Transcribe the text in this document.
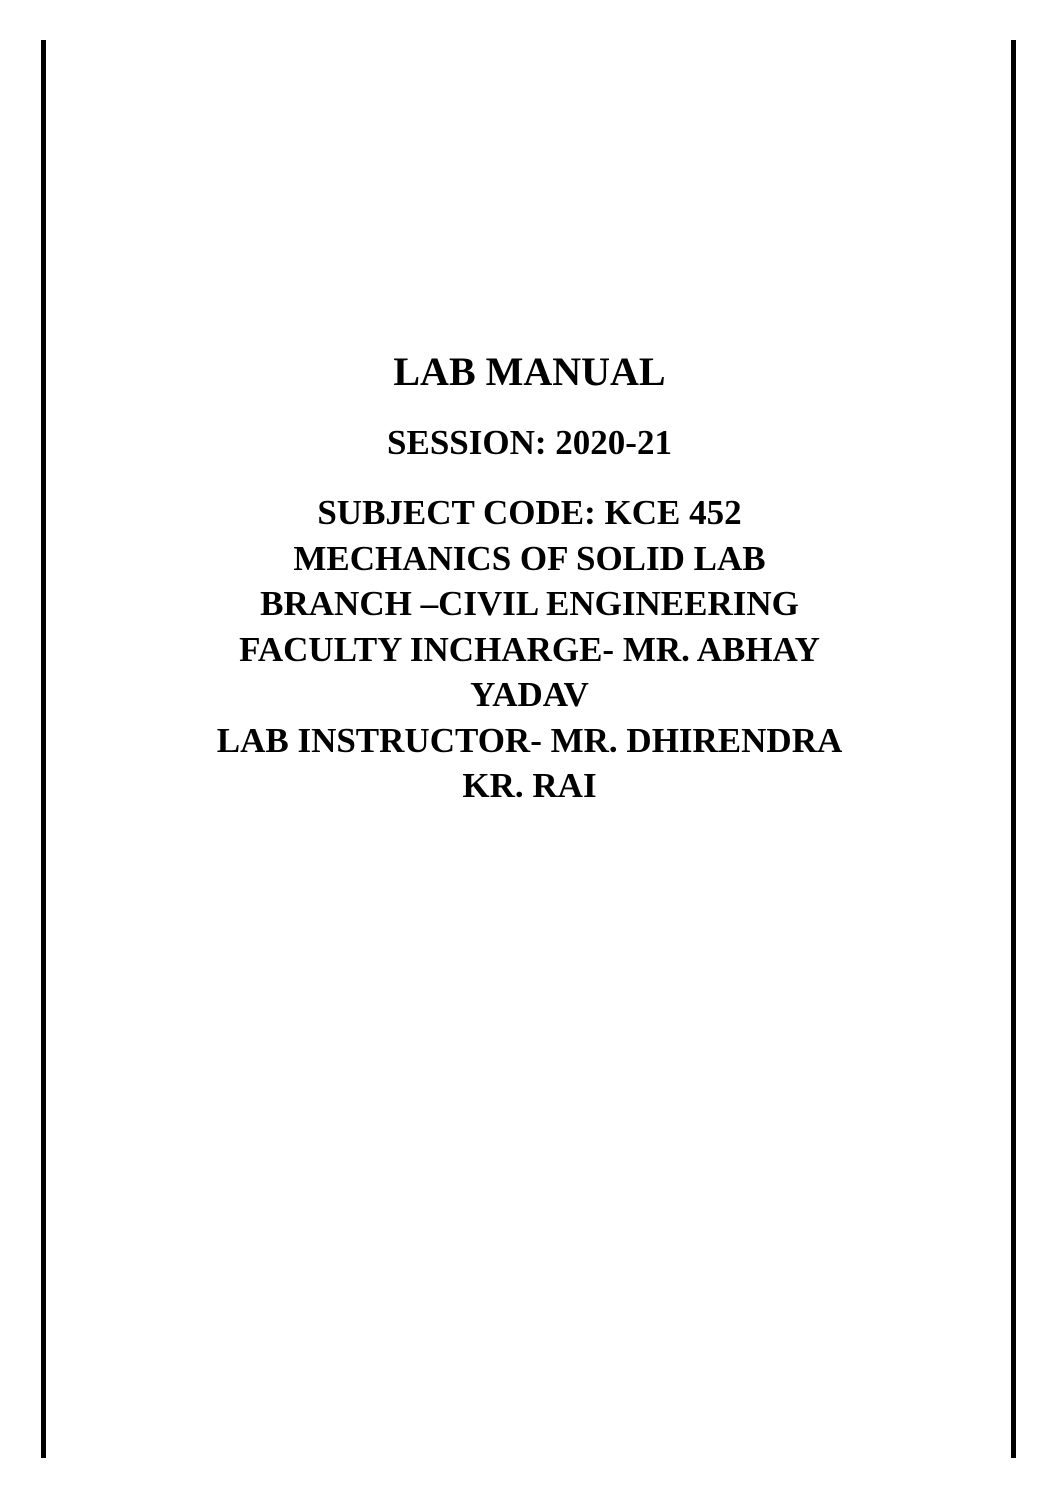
LAB MANUAL
SESSION: 2020-21
SUBJECT CODE: KCE 452
MECHANICS OF SOLID LAB
BRANCH –CIVIL ENGINEERING
FACULTY INCHARGE- MR. ABHAY
YADAV
LAB INSTRUCTOR- MR. DHIRENDRA
KR. RAI
